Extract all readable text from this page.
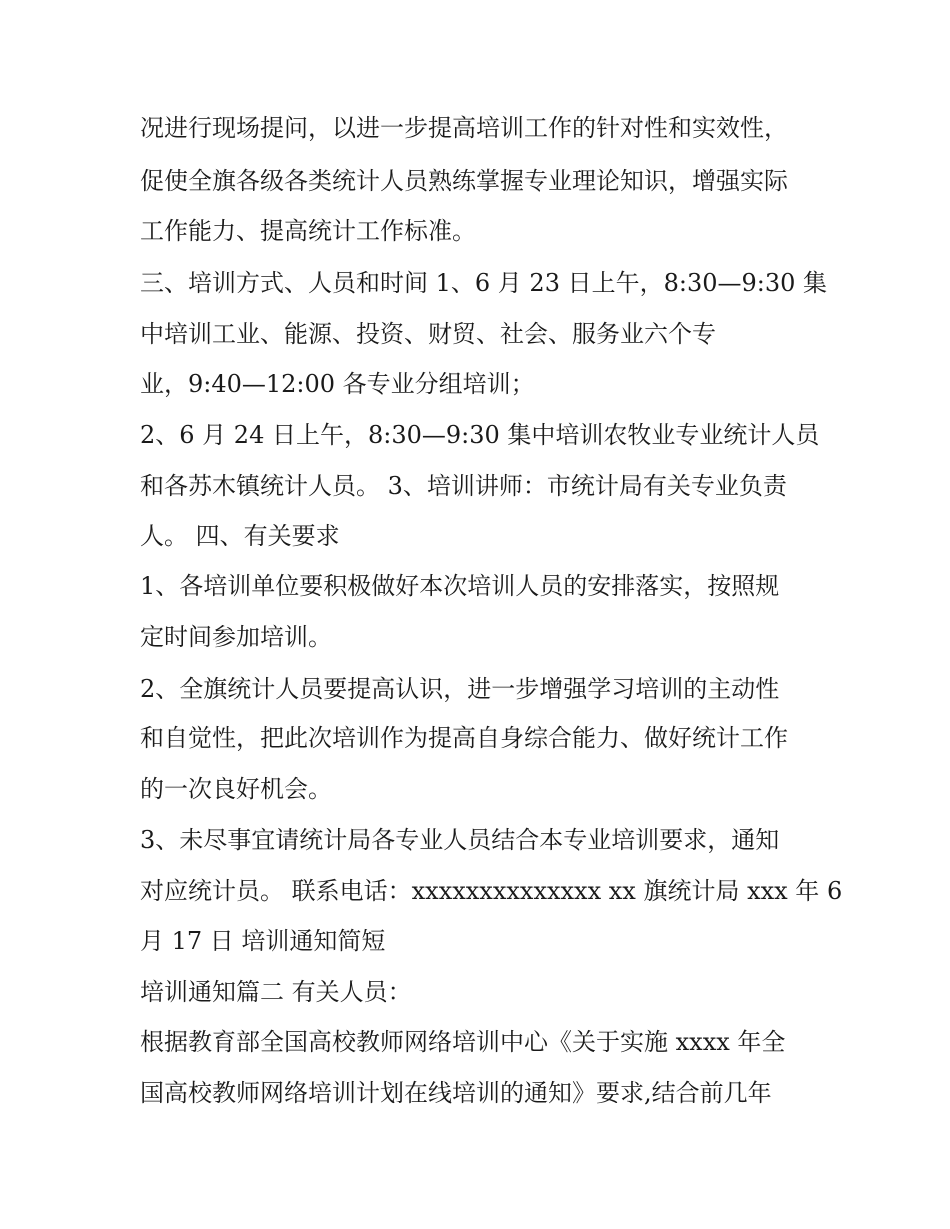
况进行现场提问，以进一步提高培训工作的针对性和实效性，

促使全旗各级各类统计人员熟练掌握专业理论知识，增强实际

工作能力、提高统计工作标准。

三、培训方式、人员和时间 1、6 月 23 日上午，8:30—9:30 集

中培训工业、能源、投资、财贸、社会、服务业六个专

业，9:40—12:00 各专业分组培训；

2、6 月 24 日上午，8:30—9:30 集中培训农牧业专业统计人员

和各苏木镇统计人员。 3、培训讲师：市统计局有关专业负责

人。 四、有关要求

1、各培训单位要积极做好本次培训人员的安排落实，按照规

定时间参加培训。

2、全旗统计人员要提高认识，进一步增强学习培训的主动性

和自觉性，把此次培训作为提高自身综合能力、做好统计工作

的一次良好机会。

3、未尽事宜请统计局各专业人员结合本专业培训要求，通知

对应统计员。 联系电话：xxxxxxxxxxxxxx xx 旗统计局 xxx 年 6

月 17 日 培训通知简短

培训通知篇二 有关人员：

根据教育部全国高校教师网络培训中心《关于实施 xxxx 年全

国高校教师网络培训计划在线培训的通知》要求,结合前几年
